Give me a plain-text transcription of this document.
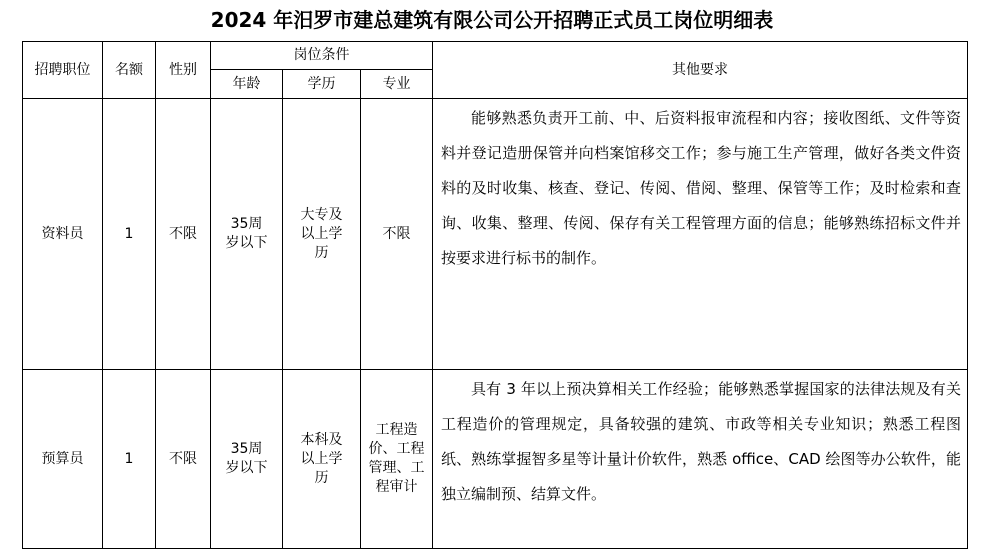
2024 年汨罗市建总建筑有限公司公开招聘正式员工岗位明细表
招聘职位	名额	性别	岗位条件			其他要求
			年龄	学历	专业	
资料员	1	不限	35周岁以下	大专及以上学历	不限	能够熟悉负责开工前、中、后资料报审流程和内容；接收图纸、文件等资料并登记造册保管并向档案馆移交工作；参与施工生产管理，做好各类文件资料的及时收集、核查、登记、传阅、借阅、整理、保管等工作；及时检索和查询、收集、整理、传阅、保存有关工程管理方面的信息；能够熟练招标文件并按要求进行标书的制作。
预算员	1	不限	35周岁以下	本科及以上学历	工程造价、工程管理、工程审计	具有 3 年以上预决算相关工作经验；能够熟悉掌握国家的法律法规及有关工程造价的管理规定，具备较强的建筑、市政等相关专业知识；熟悉工程图纸、熟练掌握智多星等计量计价软件，熟悉 office、CAD 绘图等办公软件，能独立编制预、结算文件。
